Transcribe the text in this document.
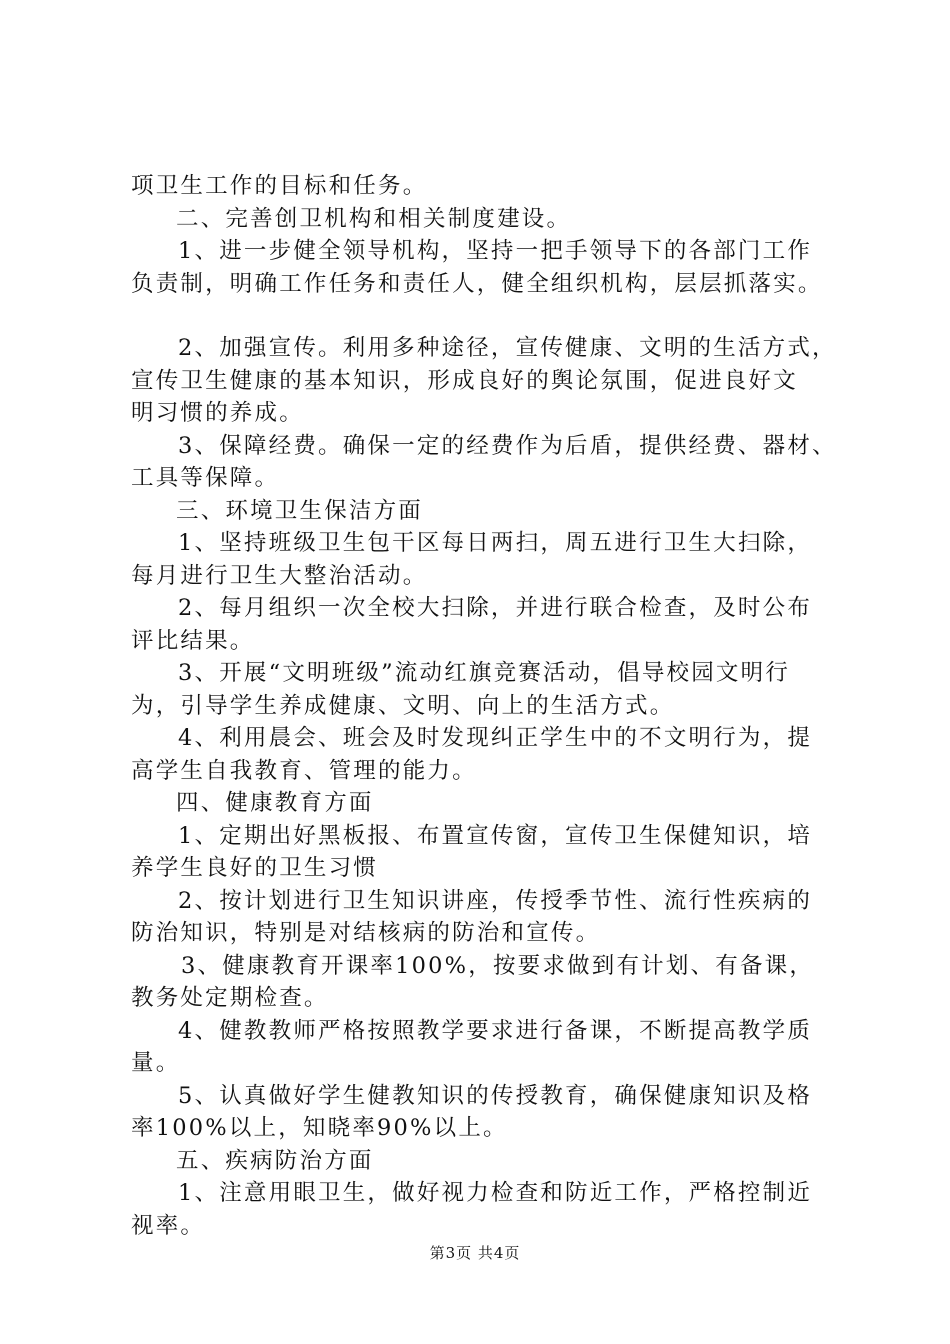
项卫生工作的目标和任务。
二、完善创卫机构和相关制度建设。
1、进一步健全领导机构，坚持一把手领导下的各部门工作
负责制，明确工作任务和责任人，健全组织机构，层层抓落实。
2、加强宣传。利用多种途径，宣传健康、文明的生活方式，
宣传卫生健康的基本知识，形成良好的舆论氛围，促进良好文
明习惯的养成。
3、保障经费。确保一定的经费作为后盾，提供经费、器材、
工具等保障。
三、环境卫生保洁方面
1、坚持班级卫生包干区每日两扫，周五进行卫生大扫除，
每月进行卫生大整治活动。
2、每月组织一次全校大扫除，并进行联合检查，及时公布
评比结果。
3、开展“文明班级”流动红旗竞赛活动，倡导校园文明行
为，引导学生养成健康、文明、向上的生活方式。
4、利用晨会、班会及时发现纠正学生中的不文明行为，提
高学生自我教育、管理的能力。
四、健康教育方面
1、定期出好黑板报、布置宣传窗，宣传卫生保健知识，培
养学生良好的卫生习惯
2、按计划进行卫生知识讲座，传授季节性、流行性疾病的
防治知识，特别是对结核病的防治和宣传。
3、健康教育开课率100%，按要求做到有计划、有备课，
教务处定期检查。
4、健教教师严格按照教学要求进行备课，不断提高教学质
量。
5、认真做好学生健教知识的传授教育，确保健康知识及格
率100%以上，知晓率90%以上。
五、疾病防治方面
1、注意用眼卫生，做好视力检查和防近工作，严格控制近
视率。
第3页 共4页
